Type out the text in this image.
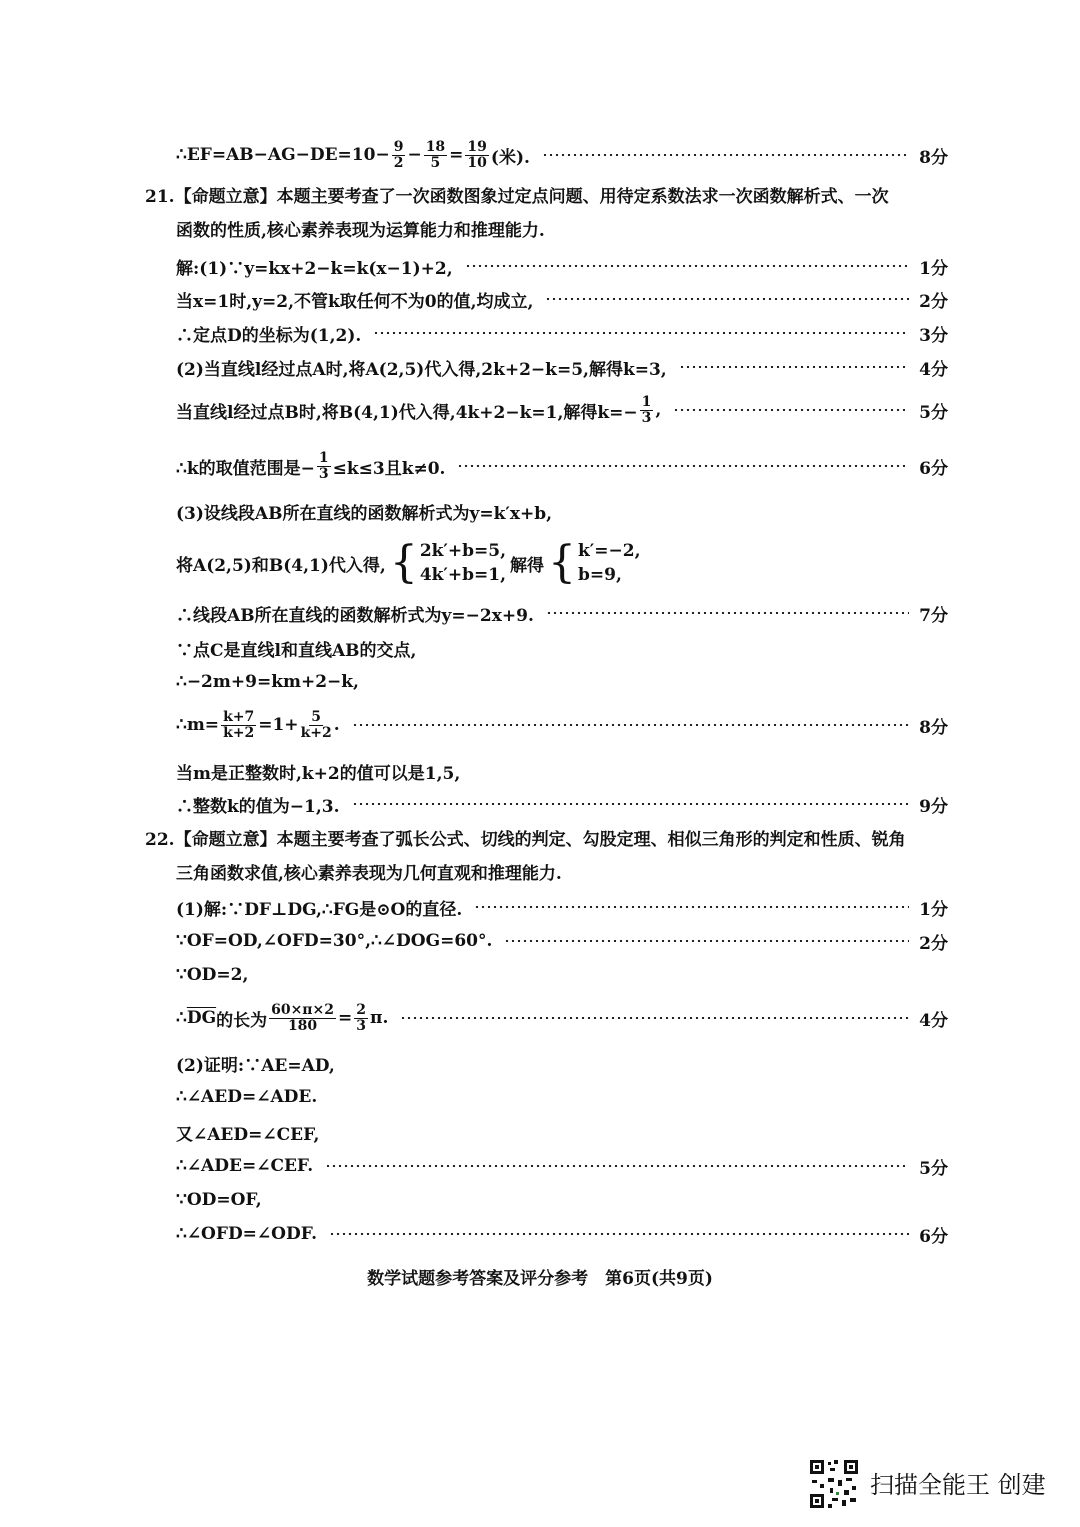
∴EF=AB−AG−DE=10− $\frac{9}{2} - \frac{18}{5} = \frac{19}{10}$ (米).	8分
21.【命题立意】本题主要考查了一次函数图象过定点问题、用待定系数法求一次函数解析式、一次
函数的性质,核心素养表现为运算能力和推理能力.
解:(1)∵y=kx+2−k=k(x−1)+2,	1分
当x=1时,y=2,不管k取任何不为0的值,均成立,	2分
∴定点D的坐标为(1,2).	3分
(2)当直线l经过点A时,将A(2,5)代入得,2k+2−k=5,解得k=3,	4分
当直线l经过点B时,将B(4,1)代入得,4k+2−k=1,解得$k=- \frac{1}{3}$ ,	5分
∴k的取值范围是− $\frac{1}{3} \le k\le 3$且k≠0.	6分
(3)设线段AB所在直线的函数解析式为y=k′x+b,
将A(2,5)和B(4,1)代入得, { 2k′+b=5,
4k′+b=1, 解得 { k′=−2,
b=9,
∴线段AB所在直线的函数解析式为y=−2x+9.	7分
∵点C是直线l和直线AB的交点,
∴−2m+9=km+2−k,
∴m= $\frac{k+7}{k+2} =1+ \frac{5}{k+2}$ .	8分
当m是正整数时,k+2的值可以是1,5,
∴整数k的值为−1,3.	9分
22.【命题立意】本题主要考查了弧长公式、切线的判定、勾股定理、相似三角形的判定和性质、锐角
三角函数求值,核心素养表现为几何直观和推理能力.
(1)解:∵DF⊥DG,∴FG是⊙O的直径.	1分
∵OF=OD,∠OFD=30°,∴∠DOG=60°.	2分
∵OD=2,
∴ $\overline{DG}$ 的长为 $\frac{60\times\pi\times 2}{180} = \frac{2}{3} \pi$.	4分
(2)证明:∵AE=AD,
∴∠AED=∠ADE.
又∠AED=∠CEF,
∴∠ADE=∠CEF.	5分
∵OD=OF,
∴∠OFD=∠ODF.	6分
数学试题参考答案及评分参考　第6页(共9页)
扫描全能王 创建
